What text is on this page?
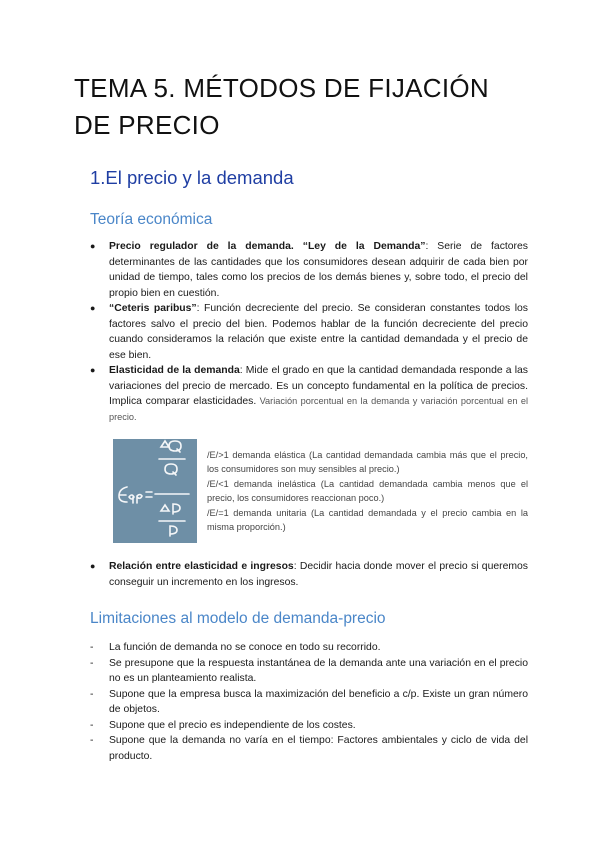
TEMA 5. MÉTODOS DE FIJACIÓN DE PRECIO
1.El precio y la demanda
Teoría económica
● Precio regulador de la demanda. “Ley de la Demanda”: Serie de factores determinantes de las cantidades que los consumidores desean adquirir de cada bien por unidad de tiempo, tales como los precios de los demás bienes y, sobre todo, el precio del propio bien en cuestión.
● “Ceteris paribus”: Función decreciente del precio. Se consideran constantes todos los factores salvo el precio del bien. Podemos hablar de la función decreciente del precio cuando consideramos la relación que existe entre la cantidad demandada y el precio de ese bien.
● Elasticidad de la demanda: Mide el grado en que la cantidad demandada responde a las variaciones del precio de mercado. Es un concepto fundamental en la política de precios. Implica comparar elasticidades. Variación porcentual en la demanda y variación porcentual en el precio.

/E/>1 demanda elástica (La cantidad demandada cambia más que el precio, los consumidores son muy sensibles al precio.)

/E/<1 demanda inelástica (La cantidad demandada cambia menos que el precio, los consumidores reaccionan poco.)

/E/=1 demanda unitaria (La cantidad demandada y el precio cambia en la misma proporción.)

● Relación entre elasticidad e ingresos: Decidir hacia donde mover el precio si queremos conseguir un incremento en los ingresos.
Limitaciones al modelo de demanda-precio
- La función de demanda no se conoce en todo su recorrido.
- Se presupone que la respuesta instantánea de la demanda ante una variación en el precio no es un planteamiento realista.
- Supone que la empresa busca la maximización del beneficio a c/p. Existe un gran número de objetos.
- Supone que el precio es independiente de los costes.
- Supone que la demanda no varía en el tiempo: Factores ambientales y ciclo de vida del producto.
